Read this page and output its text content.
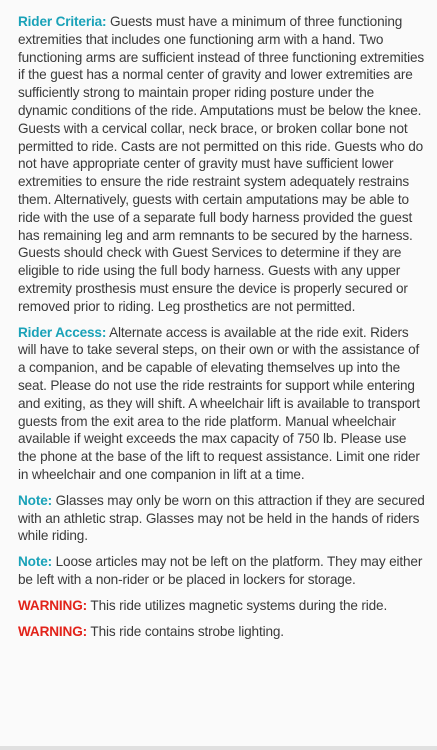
Rider Criteria: Guests must have a minimum of three functioning extremities that includes one functioning arm with a hand. Two functioning arms are sufficient instead of three functioning extremities if the guest has a normal center of gravity and lower extremities are sufficiently strong to maintain proper riding posture under the dynamic conditions of the ride. Amputations must be below the knee. Guests with a cervical collar, neck brace, or broken collar bone not permitted to ride. Casts are not permitted on this ride. Guests who do not have appropriate center of gravity must have sufficient lower extremities to ensure the ride restraint system adequately restrains them. Alternatively, guests with certain amputations may be able to ride with the use of a separate full body harness provided the guest has remaining leg and arm remnants to be secured by the harness. Guests should check with Guest Services to determine if they are eligible to ride using the full body harness. Guests with any upper extremity prosthesis must ensure the device is properly secured or removed prior to riding. Leg prosthetics are not permitted.

Rider Access: Alternate access is available at the ride exit. Riders will have to take several steps, on their own or with the assistance of a companion, and be capable of elevating themselves up into the seat. Please do not use the ride restraints for support while entering and exiting, as they will shift. A wheelchair lift is available to transport guests from the exit area to the ride platform. Manual wheelchair available if weight exceeds the max capacity of 750 lb. Please use the phone at the base of the lift to request assistance. Limit one rider in wheelchair and one companion in lift at a time.

Note: Glasses may only be worn on this attraction if they are secured with an athletic strap. Glasses may not be held in the hands of riders while riding.

Note: Loose articles may not be left on the platform. They may either be left with a non-rider or be placed in lockers for storage.

WARNING: This ride utilizes magnetic systems during the ride.

WARNING: This ride contains strobe lighting.
